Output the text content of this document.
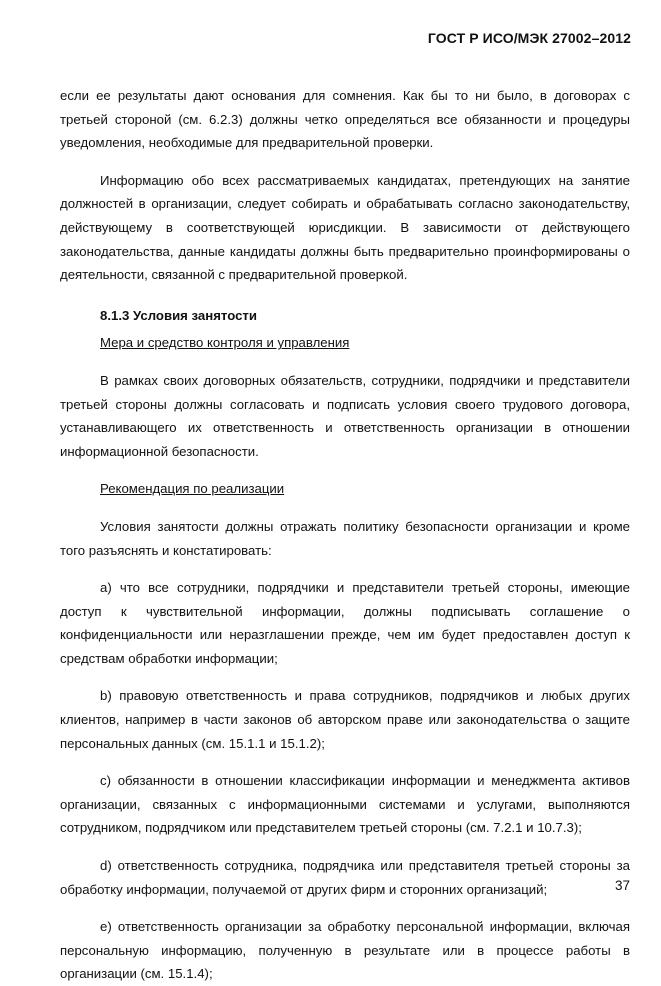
ГОСТ Р ИСО/МЭК 27002–2012

если ее результаты дают основания для сомнения. Как бы то ни было, в договорах с третьей стороной (см. 6.2.3) должны четко определяться все обязанности и процедуры уведомления, необходимые для предварительной проверки.

Информацию обо всех рассматриваемых кандидатах, претендующих на занятие должностей в организации, следует собирать и обрабатывать согласно законодательству, действующему в соответствующей юрисдикции. В зависимости от действующего законодательства, данные кандидаты должны быть предварительно проинформированы о деятельности, связанной с предварительной проверкой.

8.1.3 Условия занятости

Мера и средство контроля и управления

В рамках своих договорных обязательств, сотрудники, подрядчики и представители третьей стороны должны согласовать и подписать условия своего трудового договора, устанавливающего их ответственность и ответственность организации в отношении информационной безопасности.

Рекомендация по реализации

Условия занятости должны отражать политику безопасности организации и кроме того разъяснять и констатировать:

a) что все сотрудники, подрядчики и представители третьей стороны, имеющие доступ к чувствительной информации, должны подписывать соглашение о конфиденциальности или неразглашении прежде, чем им будет предоставлен доступ к средствам обработки информации;

b) правовую ответственность и права сотрудников, подрядчиков и любых других клиентов, например в части законов об авторском праве или законодательства о защите персональных данных (см. 15.1.1 и 15.1.2);

c) обязанности в отношении классификации информации и менеджмента активов организации, связанных с информационными системами и услугами, выполняются сотрудником, подрядчиком или представителем третьей стороны (см. 7.2.1 и 10.7.3);

d) ответственность сотрудника, подрядчика или представителя третьей стороны за обработку информации, получаемой от других фирм и сторонних организаций;

e) ответственность организации за обработку персональной информации, включая персональную информацию, полученную в результате или в процессе работы в организации (см. 15.1.4);

37
